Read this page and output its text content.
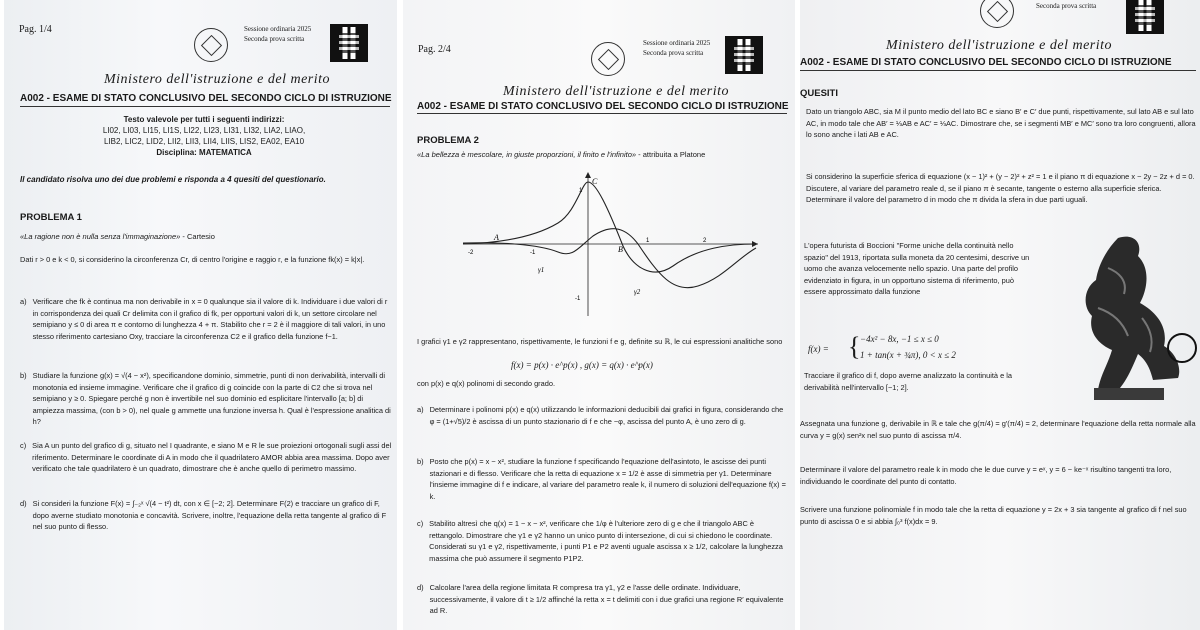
Pag. 1/4	Sessione ordinaria 2025
Seconda prova scritta
Ministero dell'istruzione e del merito
A002 - ESAME DI STATO CONCLUSIVO DEL SECONDO CICLO DI ISTRUZIONE
Testo valevole per tutti i seguenti indirizzi:
LI02, LI03, LI15, LI1S, LI22, LI23, LI31, LI32, LIA2, LIAO,
LIB2, LIC2, LID2, LII2, LII3, LII4, LIIS, LIS2, EA02, EA10
Disciplina: MATEMATICA
Il candidato risolva uno dei due problemi e risponda a 4 quesiti del questionario.
PROBLEMA 1
«La ragione non è nulla senza l'immaginazione» - Cartesio
Dati r > 0 e k < 0, si considerino la circonferenza Cr, di centro l'origine e raggio r, e la funzione fk(x) = k|x|.
a) Verificare che fk è continua ma non derivabile in x = 0 qualunque sia il valore di k. Individuare i due valori di r in corrispondenza dei quali Cr delimita con il grafico di fk, per opportuni valori di k, un settore circolare nel semipiano y ≤ 0 di area π e contorno di lunghezza 4 + π. Stabilito che r = 2 è il maggiore di tali valori, in uno stesso riferimento cartesiano Oxy, tracciare la circonferenza C2 e il grafico della funzione f−1.
b) Studiare la funzione g(x) = √(4 − x²), specificandone dominio, simmetrie, punti di non derivabilità, intervalli di monotonia ed insieme immagine. Verificare che il grafico di g coincide con la parte di C2 che si trova nel semipiano y ≥ 0. Spiegare perché g non è invertibile nel suo dominio ed esplicitare l'intervallo [a; b] di ampiezza massima, (con b > 0), nel quale g ammette una funzione inversa h. Qual è l'espressione analitica di h?
c) Sia A un punto del grafico di g, situato nel I quadrante, e siano M e R le sue proiezioni ortogonali sugli assi del riferimento. Determinare le coordinate di A in modo che il quadrilatero AMOR abbia area massima. Dopo aver verificato che tale quadrilatero è un quadrato, dimostrare che è anche quello di perimetro massimo.
d) Si consideri la funzione F(x) = ∫₋₂ˣ √(4 − t²) dt, con x ∈ [−2; 2]. Determinare F(2) e tracciare un grafico di F, dopo averne studiato monotonia e concavità. Scrivere, inoltre, l'equazione della retta tangente al grafico di F nel suo punto di flesso.
Pag. 2/4
Sessione ordinaria 2025
Seconda prova scritta
Ministero dell'istruzione e del merito
A002 - ESAME DI STATO CONCLUSIVO DEL SECONDO CICLO DI ISTRUZIONE
PROBLEMA 2
«La bellezza è mescolare, in giuste proporzioni, il finito e l'infinito» - attribuita a Platone
C
A
B
γ1
γ2
-2	-1
1	2
1
-1
I grafici γ1 e γ2 rappresentano, rispettivamente, le funzioni f e g, definite su ℝ, le cui espressioni analitiche sono
f(x) = p(x) · e^p(x) , g(x) = q(x) · e^p(x)
con p(x) e q(x) polinomi di secondo grado.
a) Determinare i polinomi p(x) e q(x) utilizzando le informazioni deducibili dai grafici in figura, considerando che φ = (1+√5)/2 è ascissa di un punto stazionario di f e che −φ, ascissa del punto A, è uno zero di g.
b) Posto che p(x) = x − x², studiare la funzione f specificando l'equazione dell'asintoto, le ascisse dei punti stazionari e di flesso. Verificare che la retta di equazione x = 1/2 è asse di simmetria per γ1. Determinare l'insieme immagine di f e indicare, al variare del parametro reale k, il numero di soluzioni dell'equazione f(x) = k.
c) Stabilito altresì che q(x) = 1 − x − x², verificare che 1/φ è l'ulteriore zero di g e che il triangolo ABC è rettangolo. Dimostrare che γ1 e γ2 hanno un unico punto di intersezione, di cui si chiedono le coordinate. Considerati su γ1 e γ2, rispettivamente, i punti P1 e P2 aventi uguale ascissa x ≥ 1/2, calcolare la lunghezza massima che può assumere il segmento P1P2.
d) Calcolare l'area della regione limitata R compresa tra γ1, γ2 e l'asse delle ordinate. Individuare, successivamente, il valore di t ≥ 1/2 affinché la retta x = t delimiti con i due grafici una regione R′ equivalente ad R.
Seconda prova scritta
Ministero dell'istruzione e del merito
A002 - ESAME DI STATO CONCLUSIVO DEL SECONDO CICLO DI ISTRUZIONE
QUESITI
Dato un triangolo ABC, sia M il punto medio del lato BC e siano B′ e C′ due punti, rispettivamente, sul lato AB e sul lato AC, in modo tale che AB′ = ⅓AB e AC′ = ⅓AC. Dimostrare che, se i segmenti MB′ e MC′ sono tra loro congruenti, allora lo sono anche i lati AB e AC.
Si considerino la superficie sferica di equazione (x − 1)² + (y − 2)² + z² = 1 e il piano π di equazione x − 2y − 2z + d = 0. Discutere, al variare del parametro reale d, se il piano π è secante, tangente o esterno alla superficie sferica. Determinare il valore del parametro d in modo che π divida la sfera in due parti uguali.
L'opera futurista di Boccioni "Forme uniche della continuità nello spazio" del 1913, riportata sulla moneta da 20 centesimi, descrive un uomo che avanza velocemente nello spazio. Una parte del profilo evidenziato in figura, in un opportuno sistema di riferimento, può essere approssimato dalla funzione
f(x) = { −4x² − 8x, −1 ≤ x ≤ 0
1 + tan(x + ¾π), 0 < x ≤ 2
Tracciare il grafico di f, dopo averne analizzato la continuità e la derivabilità nell'intervallo [−1; 2].
Assegnata una funzione g, derivabile in ℝ e tale che g(π/4) = g′(π/4) = 2, determinare l'equazione della retta normale alla curva y = g(x) sen²x nel suo punto di ascissa π/4.
Determinare il valore del parametro reale k in modo che le due curve y = eˣ, y = 6 − ke⁻ˣ risultino tangenti tra loro, individuando le coordinate del punto di contatto.
Scrivere una funzione polinomiale f in modo tale che la retta di equazione y = 2x + 3 sia tangente al grafico di f nel suo punto di ascissa 0 e si abbia ∫₀³ f(x)dx = 9.
